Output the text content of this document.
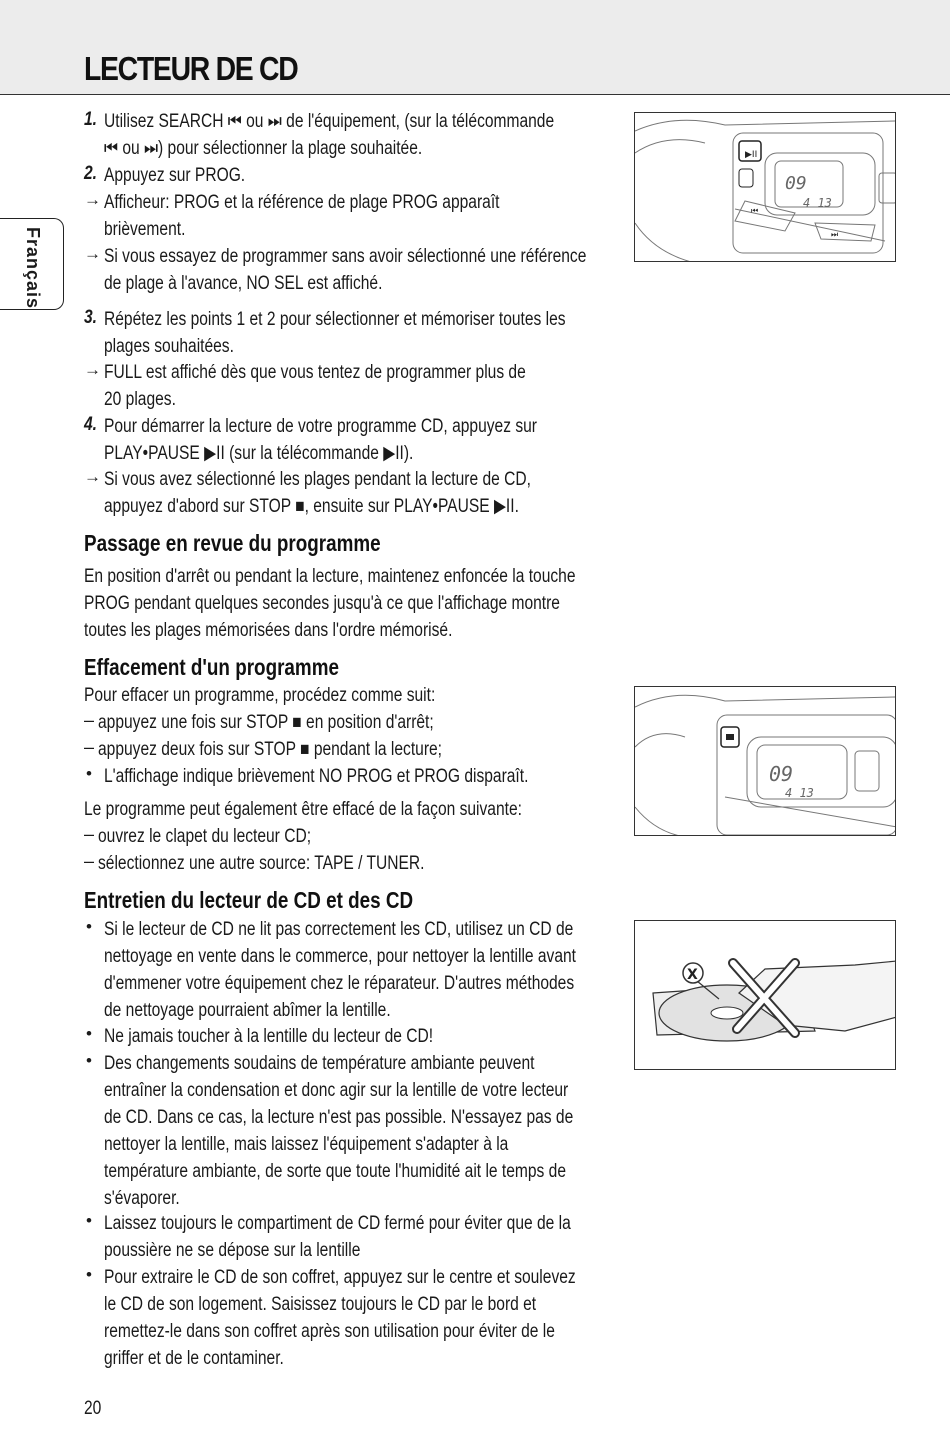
LECTEUR DE CD
Français
1. Utilisez SEARCH ⏮ ou ⏭ de l'équipement, (sur la télécommande
⏮ ou ⏭) pour sélectionner la plage souhaitée.
2. Appuyez sur PROG.
→ Afficheur: PROG et la référence de plage PROG apparaît
brièvement.
→ Si vous essayez de programmer sans avoir sélectionné une référence
de plage à l'avance, NO SEL est affiché.
3. Répétez les points 1 et 2 pour sélectionner et mémoriser toutes les
plages souhaitées.
→ FULL est affiché dès que vous tentez de programmer plus de
20 plages.
4. Pour démarrer la lecture de votre programme CD, appuyez sur
PLAY•PAUSE ▶II (sur la télécommande ▶II).
→ Si vous avez sélectionné les plages pendant la lecture de CD,
appuyez d'abord sur STOP ■, ensuite sur PLAY•PAUSE ▶II.
Passage en revue du programme
En position d'arrêt ou pendant la lecture, maintenez enfoncée la touche
PROG pendant quelques secondes jusqu'à ce que l'affichage montre
toutes les plages mémorisées dans l'ordre mémorisé.
Effacement d'un programme
Pour effacer un programme, procédez comme suit:
– appuyez une fois sur STOP ■ en position d'arrêt;
– appuyez deux fois sur STOP ■ pendant la lecture;
• L'affichage indique brièvement NO PROG et PROG disparaît.
Le programme peut également être effacé de la façon suivante:
– ouvrez le clapet du lecteur CD;
– sélectionnez une autre source: TAPE / TUNER.
Entretien du lecteur de CD et des CD
• Si le lecteur de CD ne lit pas correctement les CD, utilisez un CD de
nettoyage en vente dans le commerce, pour nettoyer la lentille avant
d'emmener votre équipement chez le réparateur. D'autres méthodes
de nettoyage pourraient abîmer la lentille.
• Ne jamais toucher à la lentille du lecteur de CD!
• Des changements soudains de température ambiante peuvent
entraîner la condensation et donc agir sur la lentille de votre lecteur
de CD. Dans ce cas, la lecture n'est pas possible. N'essayez pas de
nettoyer la lentille, mais laissez l'équipement s'adapter à la
température ambiante, de sorte que toute l'humidité ait le temps de
s'évaporer.
• Laissez toujours le compartiment de CD fermé pour éviter que de la
poussière ne se dépose sur la lentille
• Pour extraire le CD de son coffret, appuyez sur le centre et soulevez
le CD de son logement. Saisissez toujours le CD par le bord et
remettez-le dans son coffret après son utilisation pour éviter de le
griffer et de le contaminer.
▶II
09
4 13
⏮
⏭
09
4 13
X
20
